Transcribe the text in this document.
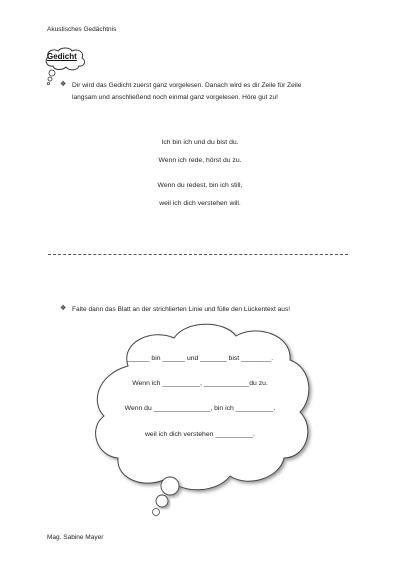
Akustisches Gedächtnis
Gedicht
❖ Dir wird das Gedicht zuerst ganz vorgelesen. Danach wird es dir Zeile für Zeile
langsam und anschließend noch einmal ganz vorgelesen. Höre gut zu!
Ich bin ich und du bist du.
Wenn ich rede, hörst du zu.
Wenn du redest, bin ich still,
weil ich dich verstehen will.
❖ Falte dann das Blatt an der strichlierten Linie und fülle den Lückentext aus!
______ bin ______ und _______ bist ________.
Wenn ich __________, ____________du zu.
Wenn du _______________, bin ich __________.
weil ich dich verstehen __________.
Mag. Sabine Mayer
